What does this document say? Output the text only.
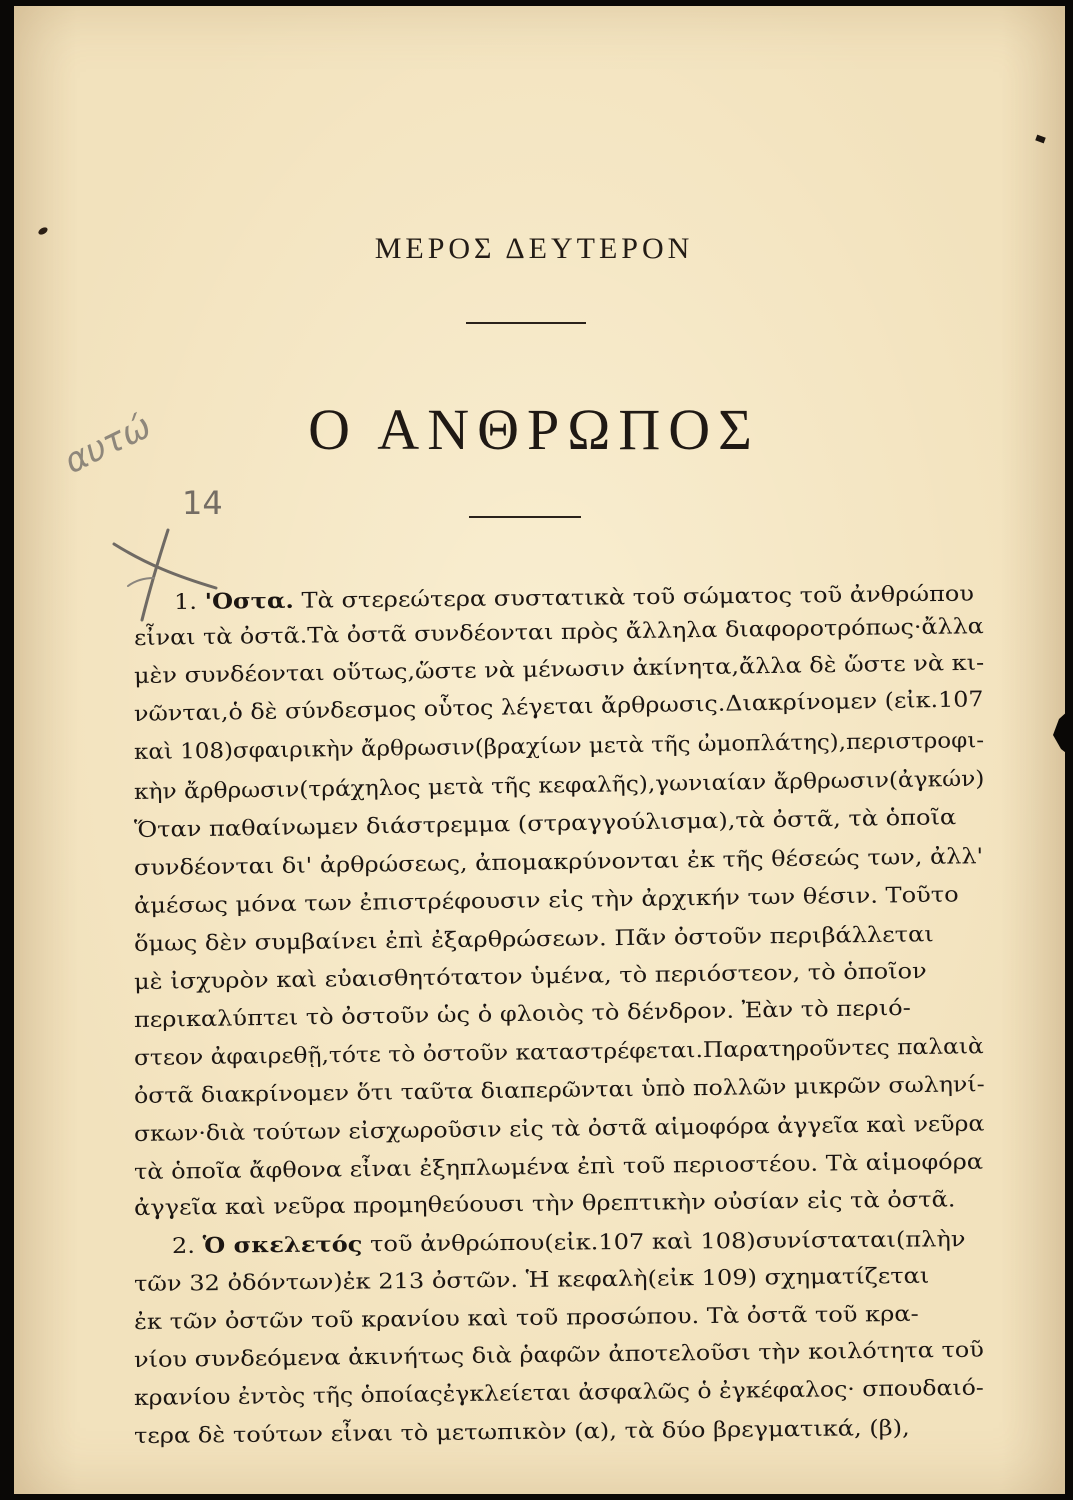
ΜΕΡΟΣ ΔΕΥΤΕΡΟΝ
Ο ΑΝΘΡΩΠΟΣ
αυτώ
14
1. 'Οστα. Τὰ στερεώτερα συστατικὰ τοῦ σώματος τοῦ ἀνθρώπου
εἶναι τὰ ὀστᾶ.Τὰ ὀστᾶ συνδέονται πρὸς ἄλληλα διαφοροτρόπως·ἄλλα
μὲν συνδέονται οὕτως,ὥστε νὰ μένωσιν ἀκίνητα,ἄλλα δὲ ὥστε νὰ κι-
νῶνται,ὁ δὲ σύνδεσμος οὗτος λέγεται ἄρθρωσις.Διακρίνομεν (εἰκ.107
καὶ 108)σφαιρικὴν ἄρθρωσιν(βραχίων μετὰ τῆς ὠμοπλάτης),περιστροφι-
κὴν ἄρθρωσιν(τράχηλος μετὰ τῆς κεφαλῆς),γωνιαίαν ἄρθρωσιν(ἀγκών)
Ὅταν παθαίνωμεν διάστρεμμα (στραγγούλισμα),τὰ ὀστᾶ, τὰ ὁποῖα
συνδέονται δι' ἀρθρώσεως, ἀπομακρύνονται ἐκ τῆς θέσεώς των, ἀλλ'
ἀμέσως μόνα των ἐπιστρέφουσιν εἰς τὴν ἀρχικήν των θέσιν. Τοῦτο
ὅμως δὲν συμβαίνει ἐπὶ ἐξαρθρώσεων. Πᾶν ὀστοῦν περιβάλλεται
μὲ ἰσχυρὸν καὶ εὐαισθητότατον ὑμένα, τὸ περιόστεον, τὸ ὁποῖον
περικαλύπτει τὸ ὀστοῦν ὡς ὁ φλοιὸς τὸ δένδρον. Ἐὰν τὸ περιό-
στεον ἀφαιρεθῇ,τότε τὸ ὀστοῦν καταστρέφεται.Παρατηροῦντες παλαιὰ
ὀστᾶ διακρίνομεν ὅτι ταῦτα διαπερῶνται ὑπὸ πολλῶν μικρῶν σωληνί-
σκων·διὰ τούτων εἰσχωροῦσιν εἰς τὰ ὀστᾶ αἱμοφόρα ἀγγεῖα καὶ νεῦρα
τὰ ὁποῖα ἄφθονα εἶναι ἐξηπλωμένα ἐπὶ τοῦ περιοστέου. Τὰ αἱμοφόρα
ἀγγεῖα καὶ νεῦρα προμηθεύουσι τὴν θρεπτικὴν οὐσίαν εἰς τὰ ὀστᾶ.
2. Ὁ σκελετός τοῦ ἀνθρώπου(εἰκ.107 καὶ 108)συνίσταται(πλὴν
τῶν 32 ὀδόντων)ἐκ 213 ὀστῶν. Ἡ κεφαλὴ(εἰκ 109) σχηματίζεται
ἐκ τῶν ὀστῶν τοῦ κρανίου καὶ τοῦ προσώπου. Τὰ ὀστᾶ τοῦ κρα-
νίου συνδεόμενα ἀκινήτως διὰ ῥαφῶν ἀποτελοῦσι τὴν κοιλότητα τοῦ
κρανίου ἐντὸς τῆς ὁποίαςἐγκλείεται ἀσφαλῶς ὁ ἐγκέφαλος· σπουδαιό-
τερα δὲ τούτων εἶναι τὸ μετωπικὸν (α), τὰ δύο βρεγματικά, (β),
